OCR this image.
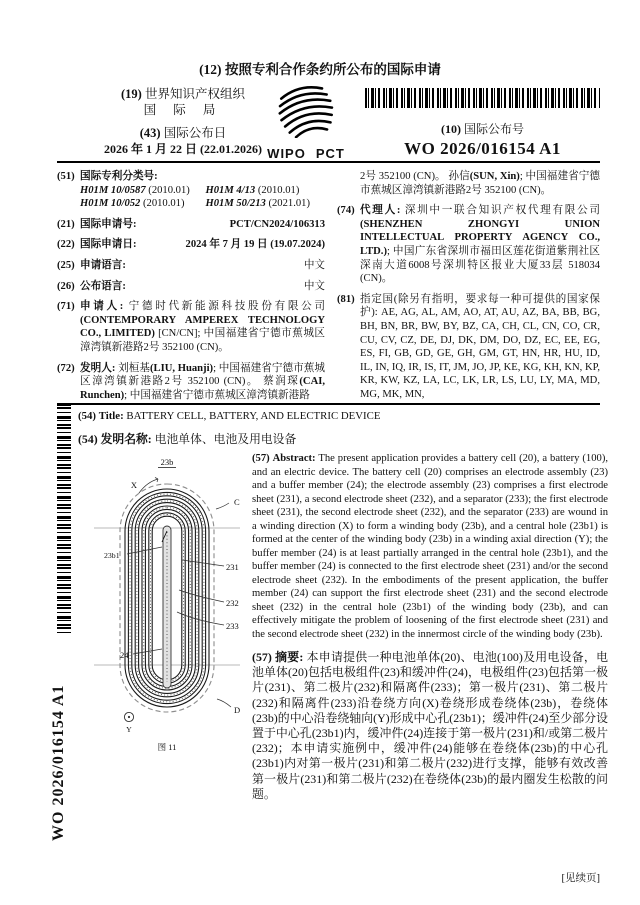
(12) 按照专利合作条约所公布的国际申请
(19) 世界知识产权组织
国 际 局
(43) 国际公布日
2026 年 1 月 22 日 (22.01.2026) WIPO PCT
(10) 国际公布号
WO 2026/016154 A1
(51) 国际专利分类号:
H01M 10/0587 (2010.01)	H01M 4/13 (2010.01)
H01M 10/052 (2010.01)	H01M 50/213 (2021.01)
(21) 国际申请号:	PCT/CN2024/106313
(22) 国际申请日:	2024 年 7 月 19 日 (19.07.2024)
(25) 申请语言:	中文
(26) 公布语言:	中文
(71) 申请人: 宁德时代新能源科技股份有限公司 (CONTEMPORARY AMPEREX TECHNOLOGY CO., LIMITED) [CN/CN]; 中国福建省宁德市蕉城区漳湾镇新港路2号 352100 (CN)。
(72) 发明人: 刘桓基(LIU, Huanji); 中国福建省宁德市蕉城区漳湾镇新港路2号 352100 (CN)。 蔡润琛(CAI, Runchen); 中国福建省宁德市蕉城区漳湾镇新港路
2号 352100 (CN)。 孙信(SUN, Xin); 中国福建省宁德市蕉城区漳湾镇新港路2号 352100 (CN)。
(74) 代理人: 深圳中一联合知识产权代理有限公司 (SHENZHEN ZHONGYI UNION INTELLECTUAL PROPERTY AGENCY CO., LTD.); 中国广东省深圳市福田区莲花街道紫荆社区深南大道6008号深圳特区报业大厦33层 518034 (CN)。
(81) 指定国(除另有指明，要求每一种可提供的国家保护): AE, AG, AL, AM, AO, AT, AU, AZ, BA, BB, BG, BH, BN, BR, BW, BY, BZ, CA, CH, CL, CN, CO, CR, CU, CV, CZ, DE, DJ, DK, DM, DO, DZ, EC, EE, EG, ES, FI, GB, GD, GE, GH, GM, GT, HN, HR, HU, ID, IL, IN, IQ, IR, IS, IT, JM, JO, JP, KE, KG, KH, KN, KP, KR, KW, KZ, LA, LC, LK, LR, LS, LU, LY, MA, MD, MG, MK, MN,
(54) Title: BATTERY CELL, BATTERY, AND ELECTRIC DEVICE
(54) 发明名称: 电池单体、电池及用电设备
WO 2026/016154 A1
23b
X
C
23b1
231
232
233
24
Y
D
图 11
(57) Abstract: The present application provides a battery cell (20), a battery (100), and an electric device. The battery cell (20) comprises an electrode assembly (23) and a buffer member (24); the electrode assembly (23) comprises a first electrode sheet (231), a second electrode sheet (232), and a separator (233); the first electrode sheet (231), the second electrode sheet (232), and the separator (233) are wound in a winding direction (X) to form a winding body (23b), and a central hole (23b1) is formed at the center of the winding body (23b) in a winding axial direction (Y); the buffer member (24) is at least partially arranged in the central hole (23b1), and the buffer member (24) is connected to the first electrode sheet (231) and/or the second electrode sheet (232). In the embodiments of the present application, the buffer member (24) can support the first electrode sheet (231) and the second electrode sheet (232) in the central hole (23b1) of the winding body (23b), and can effectively mitigate the problem of loosening of the first electrode sheet (231) and the second electrode sheet (232) in the innermost circle of the winding body (23b).
(57) 摘要: 本申请提供一种电池单体(20)、电池(100)及用电设备，电池单体(20)包括电极组件(23)和缓冲件(24)，电极组件(23)包括第一极片(231)、第二极片(232)和隔离件(233)；第一极片(231)、第二极片(232)和隔离件(233)沿卷绕方向(X)卷绕形成卷绕体(23b)，卷绕体(23b)的中心沿卷绕轴向(Y)形成中心孔(23b1)；缓冲件(24)至少部分设置于中心孔(23b1)内，缓冲件(24)连接于第一极片(231)和/或第二极片(232)；本申请实施例中，缓冲件(24)能够在卷绕体(23b)的中心孔(23b1)内对第一极片(231)和第二极片(232)进行支撑，能够有效改善第一极片(231)和第二极片(232)在卷绕体(23b)的最内圈发生松散的问题。
[见续页]
